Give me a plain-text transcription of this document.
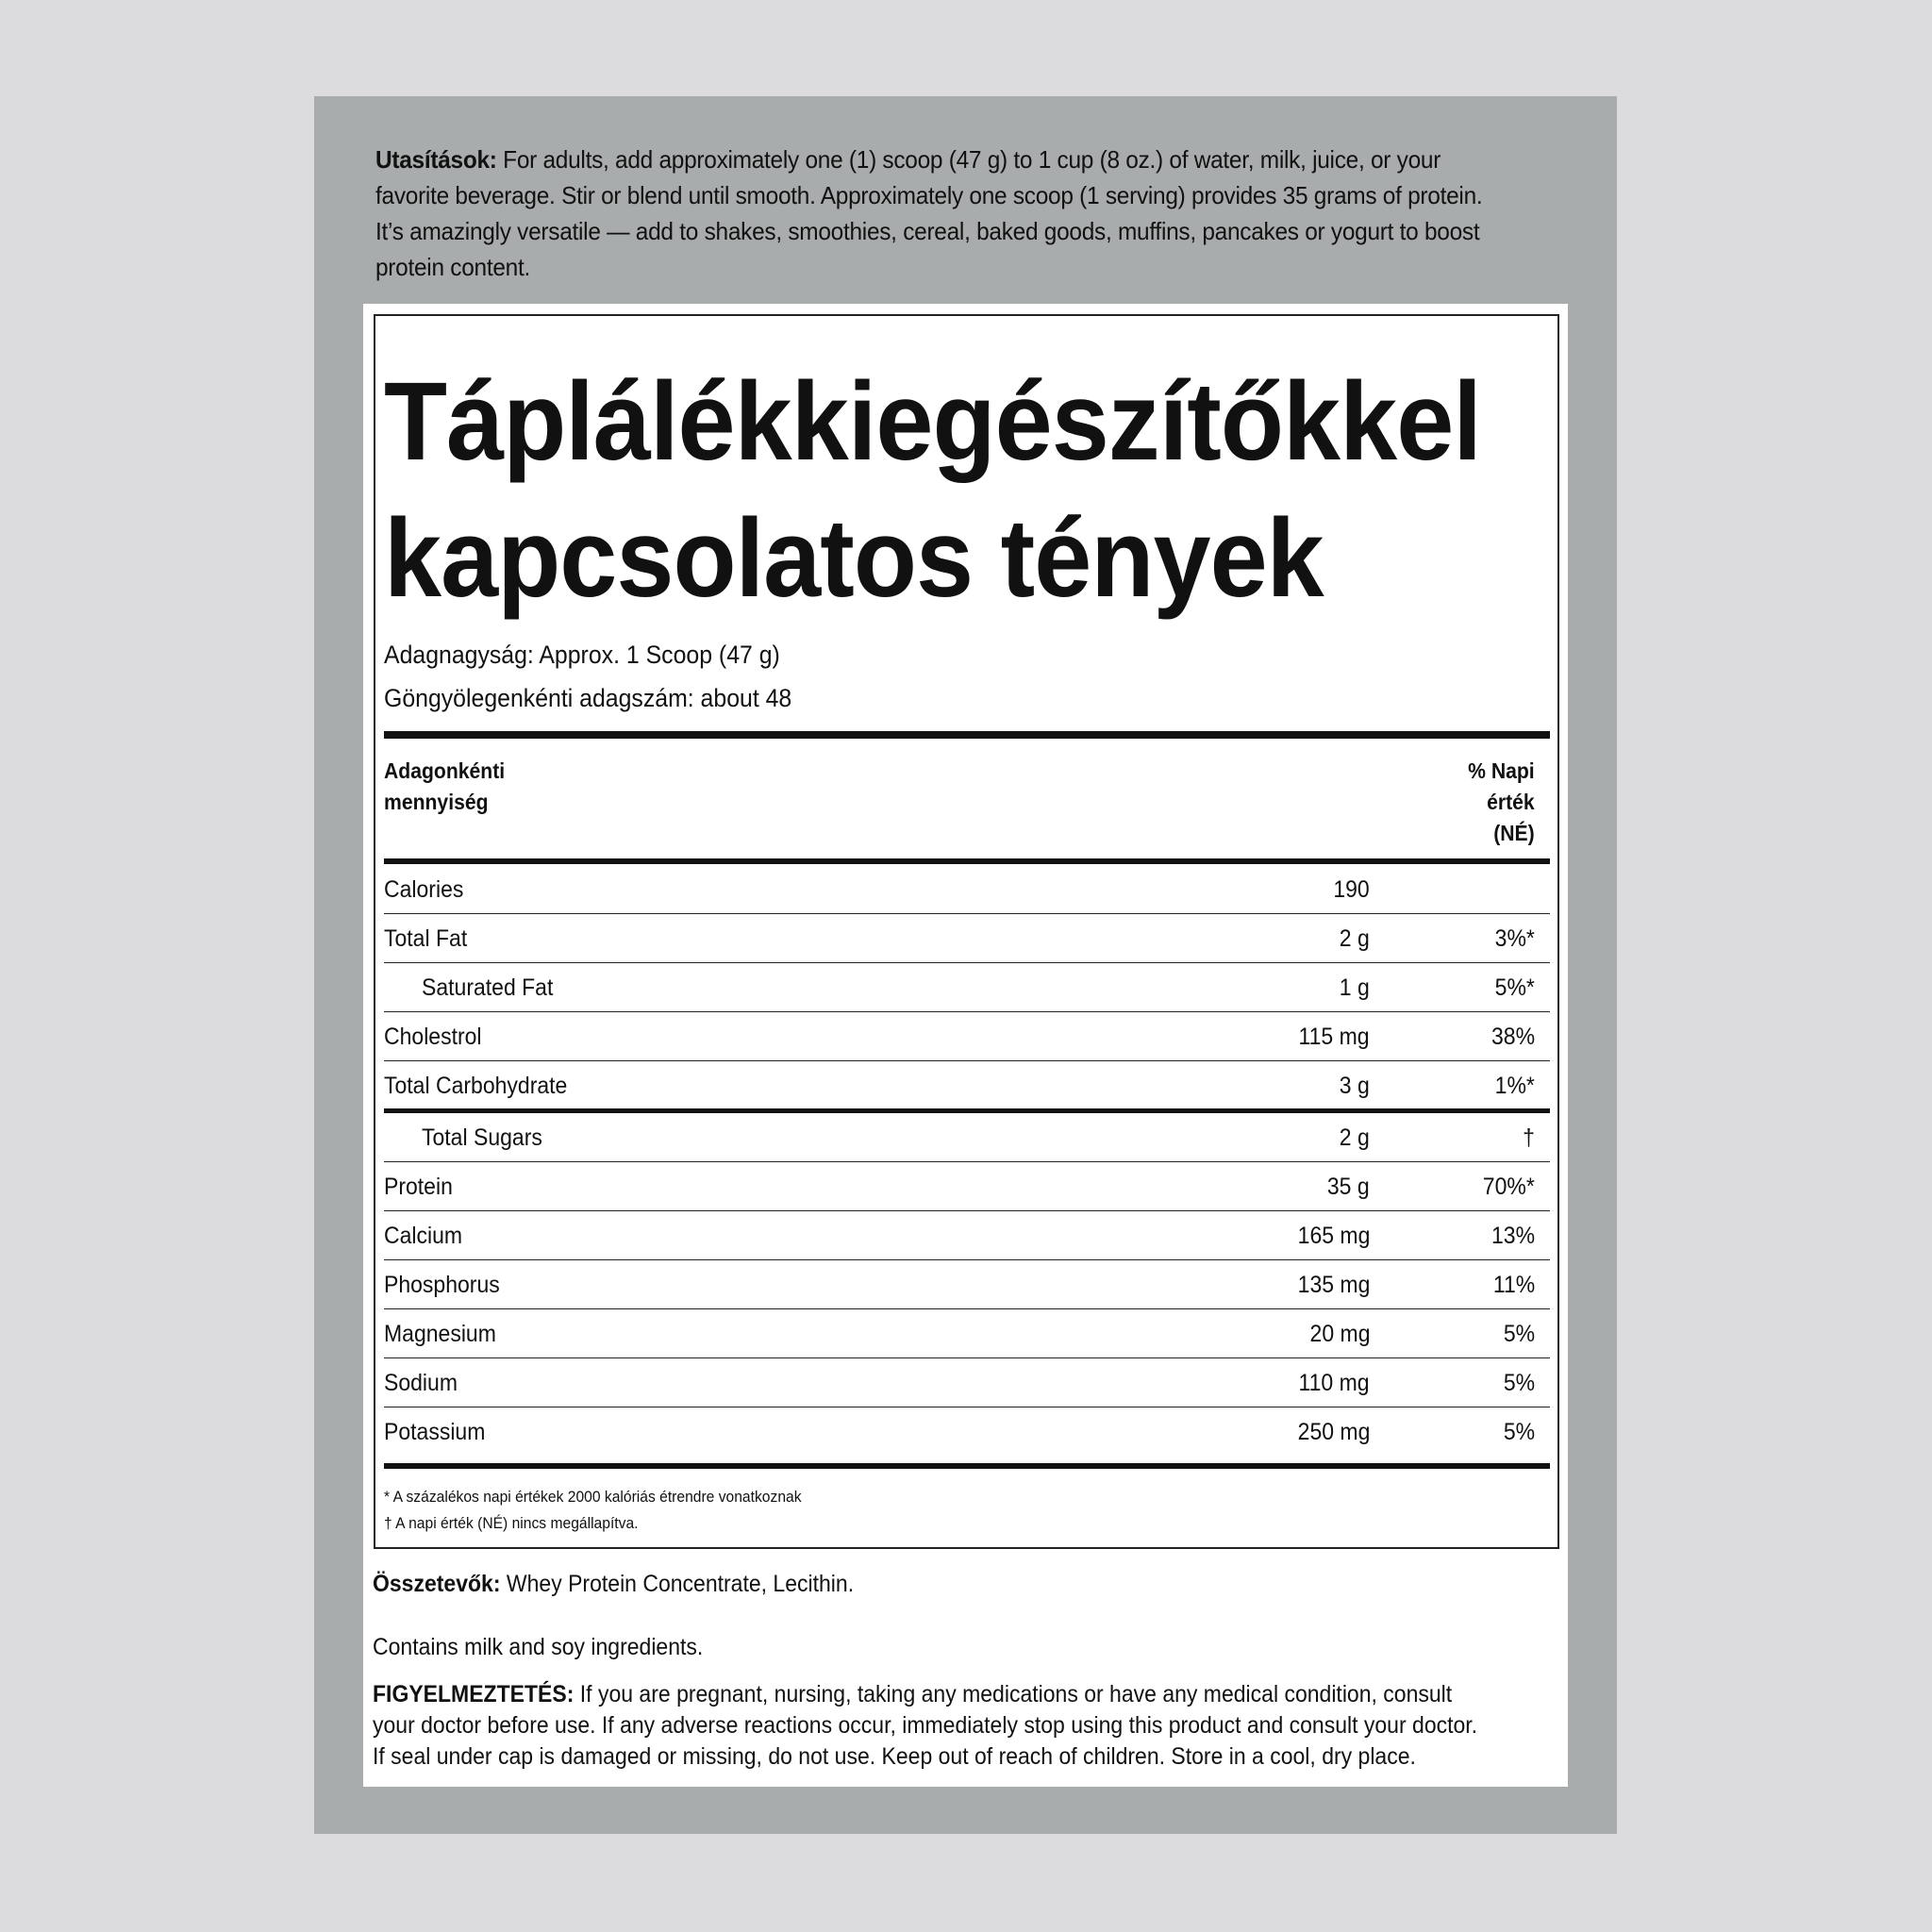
Utasítások: For adults, add approximately one (1) scoop (47 g) to 1 cup (8 oz.) of water, milk, juice, or your favorite beverage. Stir or blend until smooth. Approximately one scoop (1 serving) provides 35 grams of protein. It’s amazingly versatile — add to shakes, smoothies, cereal, baked goods, muffins, pancakes or yogurt to boost protein content.
Táplálékkiegészítőkkel
kapcsolatos tények
Adagnagyság: Approx. 1 Scoop (47 g)
Göngyölegenkénti adagszám: about 48
Adagonkénti
mennyiség
% Napi
érték
(NÉ)
Calories	190
Total Fat	2 g	3%*
Saturated Fat	1 g	5%*
Cholestrol	115 mg	38%
Total Carbohydrate	3 g	1%*
Total Sugars	2 g	†
Protein	35 g	70%*
Calcium	165 mg	13%
Phosphorus	135 mg	11%
Magnesium	20 mg	5%
Sodium	110 mg	5%
Potassium	250 mg	5%
* A százalékos napi értékek 2000 kalóriás étrendre vonatkoznak
† A napi érték (NÉ) nincs megállapítva.
Összetevők: Whey Protein Concentrate, Lecithin.
Contains milk and soy ingredients.
FIGYELMEZTETÉS: If you are pregnant, nursing, taking any medications or have any medical condition, consult your doctor before use. If any adverse reactions occur, immediately stop using this product and consult your doctor. If seal under cap is damaged or missing, do not use. Keep out of reach of children. Store in a cool, dry place.
